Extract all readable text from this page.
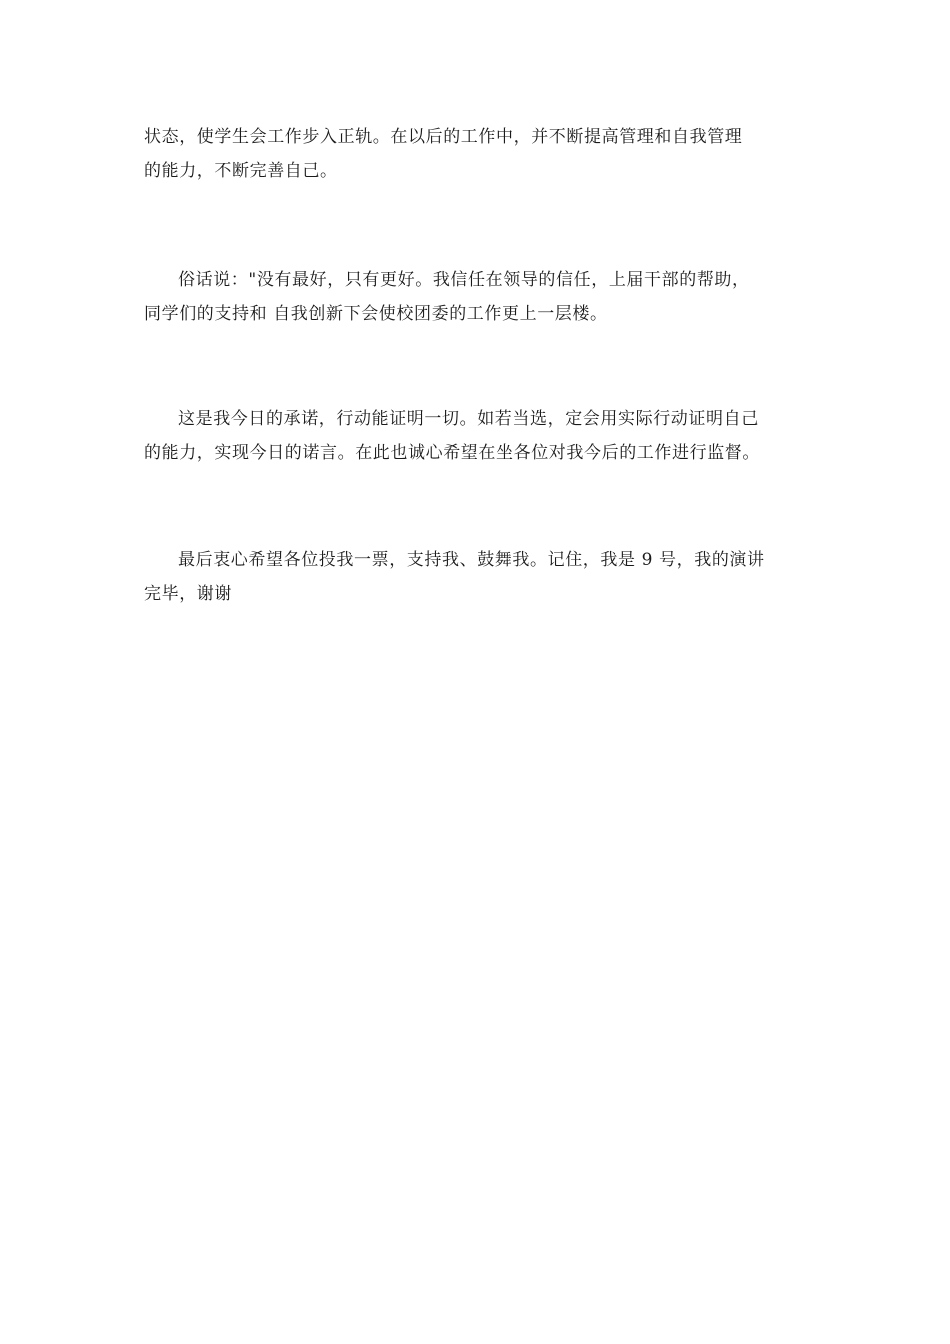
状态，使学生会工作步入正轨。在以后的工作中，并不断提高管理和自我管理
的能力，不断完善自己。

俗话说："没有最好，只有更好。我信任在领导的信任，上届干部的帮助，
同学们的支持和 自我创新下会使校团委的工作更上一层楼。

这是我今日的承诺，行动能证明一切。如若当选，定会用实际行动证明自己
的能力，实现今日的诺言。在此也诚心希望在坐各位对我今后的工作进行监督。

最后衷心希望各位投我一票，支持我、鼓舞我。记住，我是 9 号，我的演讲
完毕，谢谢
